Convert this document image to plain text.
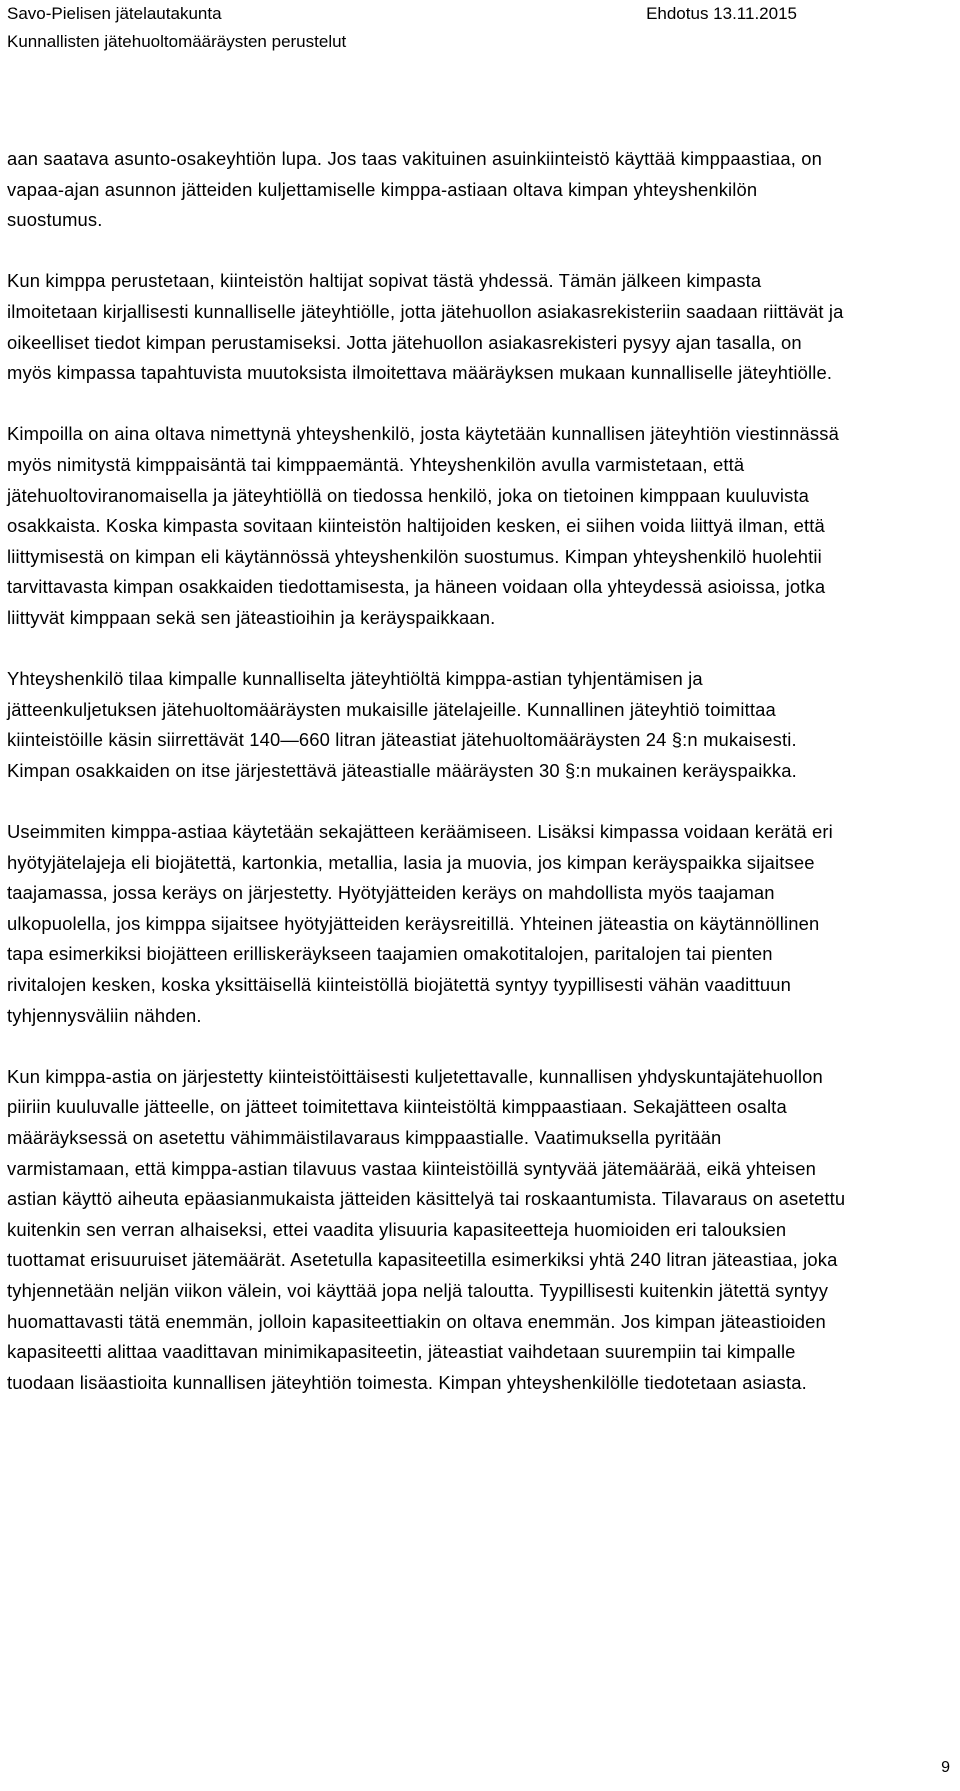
Savo-Pielisen jätelautakunta	Ehdotus 13.11.2015
Kunnallisten jätehuoltomääräysten perustelut

aan saatava asunto-osakeyhtiön lupa. Jos taas vakituinen asuinkiinteistö käyttää kimppaastiaa, on vapaa-ajan asunnon jätteiden kuljettamiselle kimppa-astiaan oltava kimpan yhteyshenkilön suostumus.

Kun kimppa perustetaan, kiinteistön haltijat sopivat tästä yhdessä. Tämän jälkeen kimpasta ilmoitetaan kirjallisesti kunnalliselle jäteyhtiölle, jotta jätehuollon asiakasrekisteriin saadaan riittävät ja oikeelliset tiedot kimpan perustamiseksi. Jotta jätehuollon asiakasrekisteri pysyy ajan tasalla, on myös kimpassa tapahtuvista muutoksista ilmoitettava määräyksen mukaan kunnalliselle jäteyhtiölle.

Kimpoilla on aina oltava nimettynä yhteyshenkilö, josta käytetään kunnallisen jäteyhtiön viestinnässä myös nimitystä kimppaisäntä tai kimppaemäntä. Yhteyshenkilön avulla varmistetaan, että jätehuoltoviranomaisella ja jäteyhtiöllä on tiedossa henkilö, joka on tietoinen kimppaan kuuluvista osakkaista. Koska kimpasta sovitaan kiinteistön haltijoiden kesken, ei siihen voida liittyä ilman, että liittymisestä on kimpan eli käytännössä yhteyshenkilön suostumus. Kimpan yhteyshenkilö huolehtii tarvittavasta kimpan osakkaiden tiedottamisesta, ja häneen voidaan olla yhteydessä asioissa, jotka liittyvät kimppaan sekä sen jäteastioihin ja keräyspaikkaan.

Yhteyshenkilö tilaa kimpalle kunnalliselta jäteyhtiöltä kimppa-astian tyhjentämisen ja jätteenkuljetuksen jätehuoltomääräysten mukaisille jätelajeille. Kunnallinen jäteyhtiö toimittaa kiinteistöille käsin siirrettävät 140—660 litran jäteastiat jätehuoltomääräysten 24 §:n mukaisesti. Kimpan osakkaiden on itse järjestettävä jäteastialle määräysten 30 §:n mukainen keräyspaikka.

Useimmiten kimppa-astiaa käytetään sekajätteen keräämiseen. Lisäksi kimpassa voidaan kerätä eri hyötyjätelajeja eli biojätettä, kartonkia, metallia, lasia ja muovia, jos kimpan keräyspaikka sijaitsee taajamassa, jossa keräys on järjestetty. Hyötyjätteiden keräys on mahdollista myös taajaman ulkopuolella, jos kimppa sijaitsee hyötyjätteiden keräysreitillä. Yhteinen jäteastia on käytännöllinen tapa esimerkiksi biojätteen erilliskeräykseen taajamien omakotitalojen, paritalojen tai pienten rivitalojen kesken, koska yksittäisellä kiinteistöllä biojätettä syntyy tyypillisesti vähän vaadittuun tyhjennysväliin nähden.

Kun kimppa-astia on järjestetty kiinteistöittäisesti kuljetettavalle, kunnallisen yhdyskuntajätehuollon piiriin kuuluvalle jätteelle, on jätteet toimitettava kiinteistöltä kimppaastiaan. Sekajätteen osalta määräyksessä on asetettu vähimmäistilavaraus kimppaastialle. Vaatimuksella pyritään varmistamaan, että kimppa-astian tilavuus vastaa kiinteistöillä syntyvää jätemäärää, eikä yhteisen astian käyttö aiheuta epäasianmukaista jätteiden käsittelyä tai roskaantumista. Tilavaraus on asetettu kuitenkin sen verran alhaiseksi, ettei vaadita ylisuuria kapasiteetteja huomioiden eri talouksien tuottamat erisuuruiset jätemäärät. Asetetulla kapasiteetilla esimerkiksi yhtä 240 litran jäteastiaa, joka tyhjennetään neljän viikon välein, voi käyttää jopa neljä taloutta. Tyypillisesti kuitenkin jätettä syntyy huomattavasti tätä enemmän, jolloin kapasiteettiakin on oltava enemmän. Jos kimpan jäteastioiden kapasiteetti alittaa vaadittavan minimikapasiteetin, jäteastiat vaihdetaan suurempiin tai kimpalle tuodaan lisäastioita kunnallisen jäteyhtiön toimesta. Kimpan yhteyshenkilölle tiedotetaan asiasta.

9
